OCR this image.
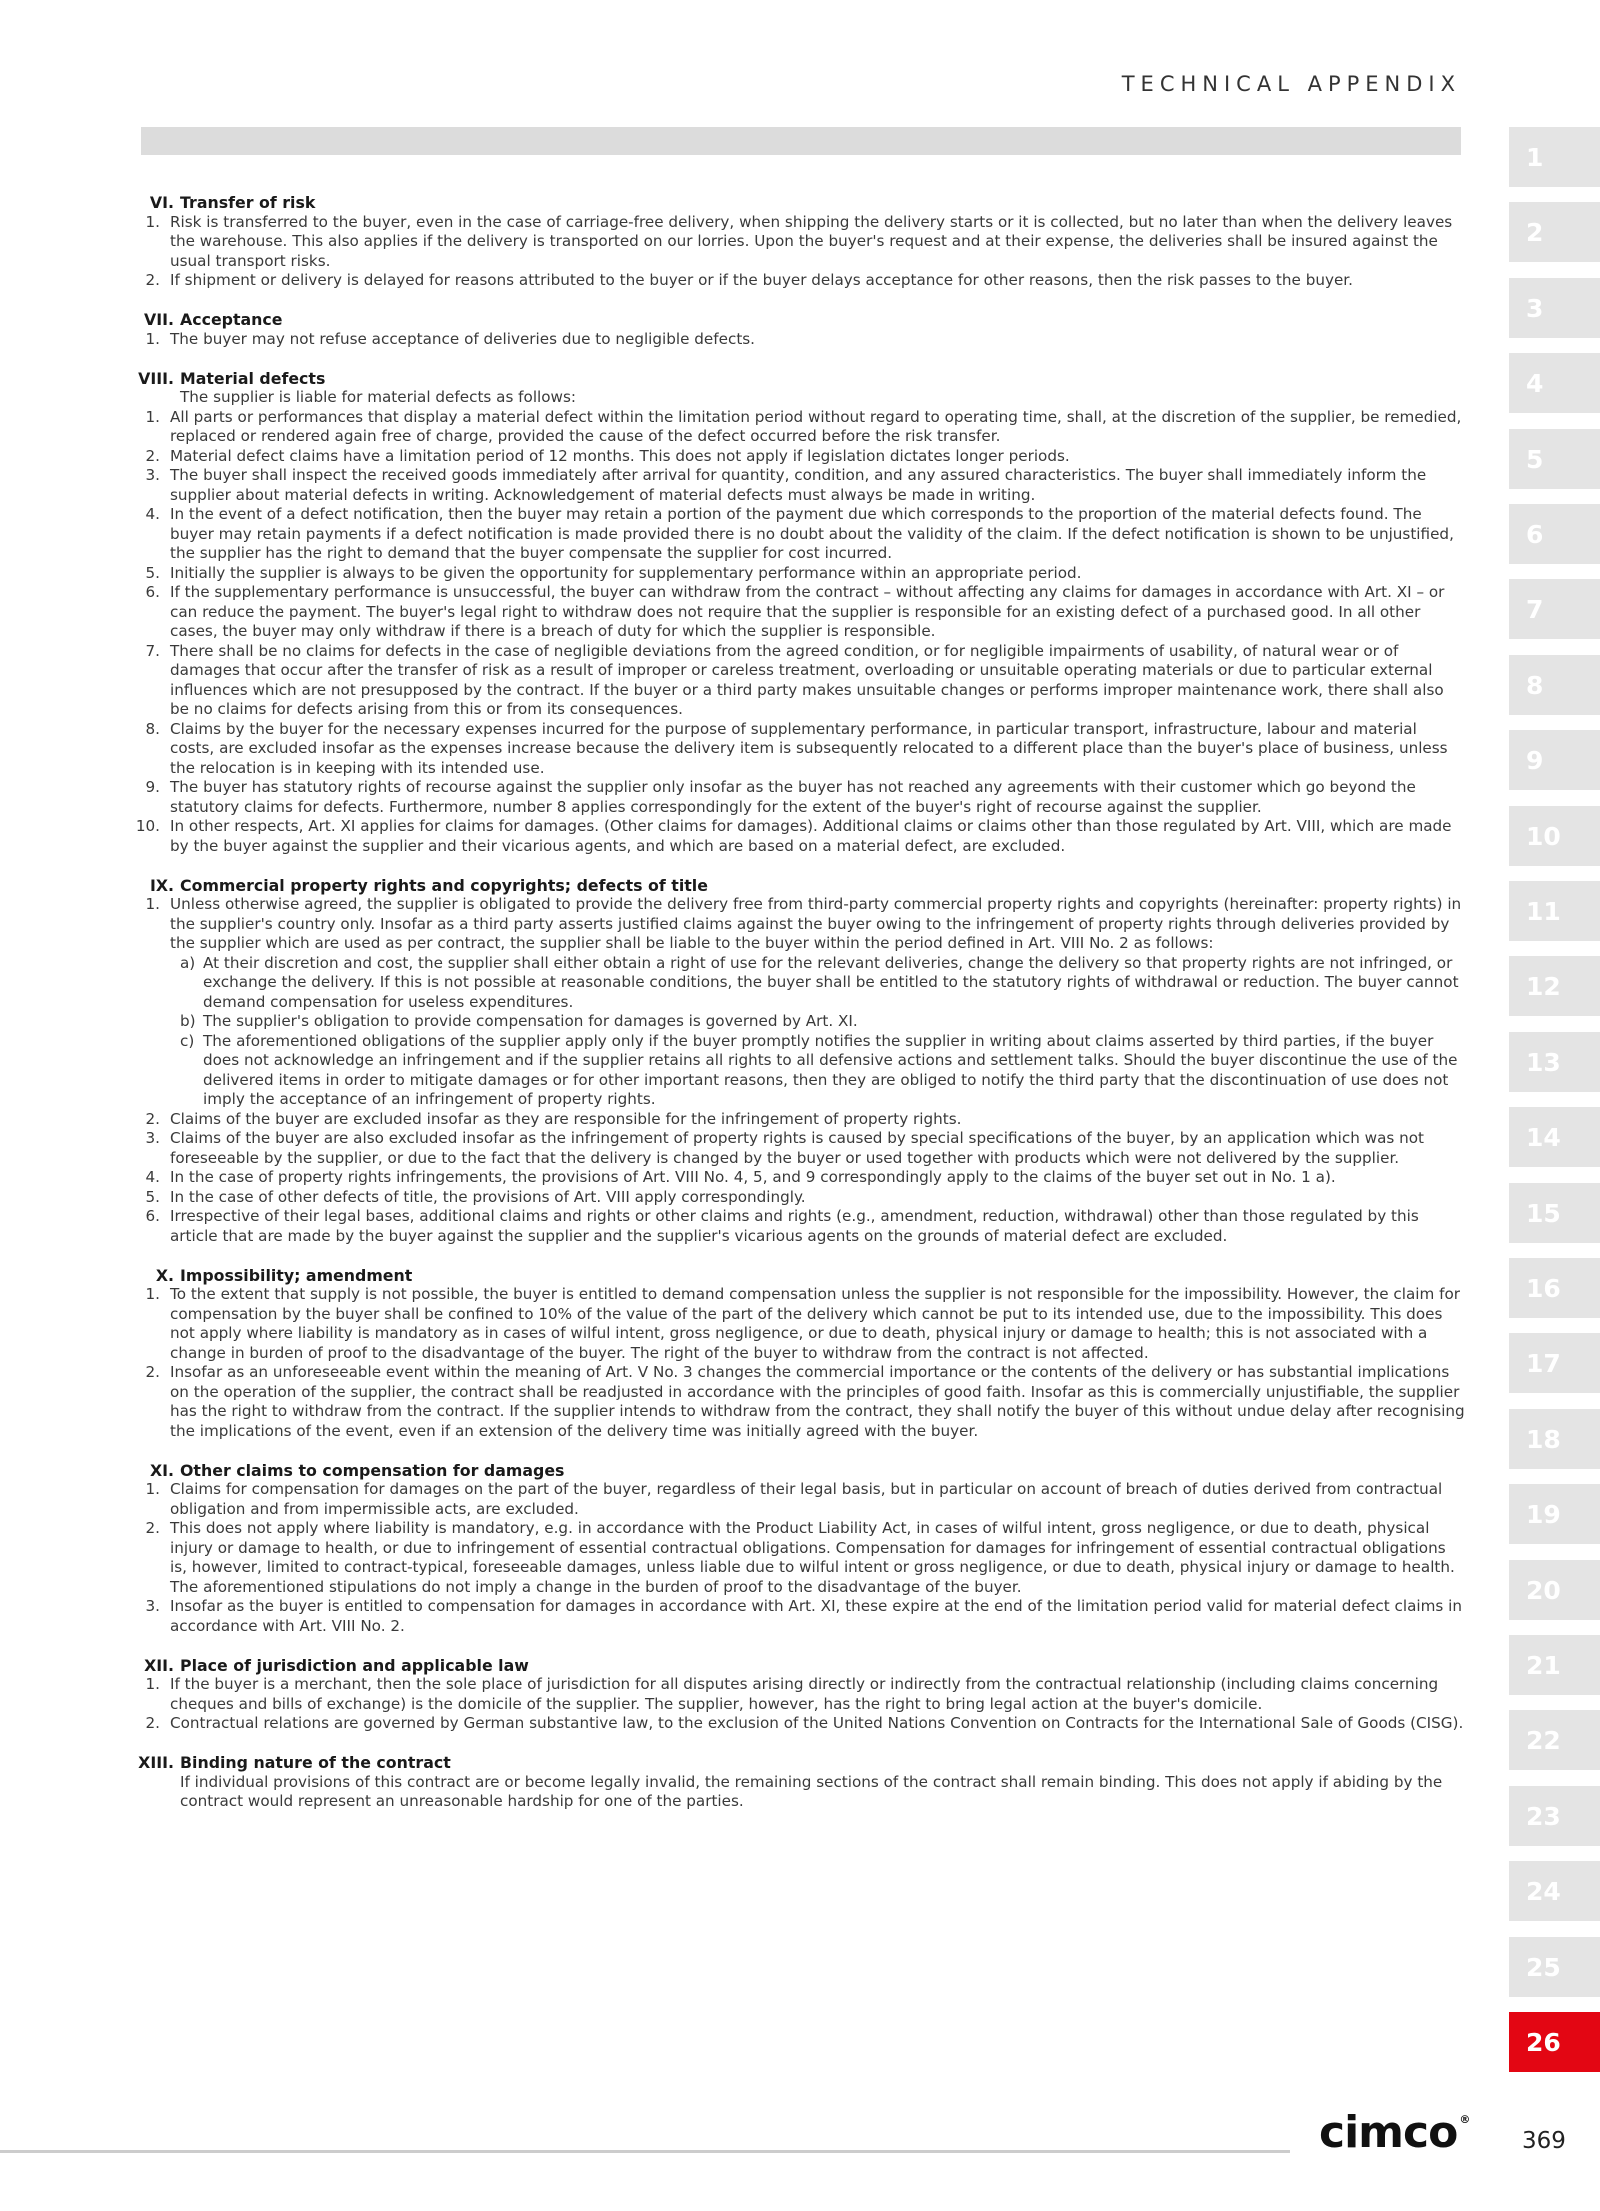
TECHNICAL APPENDIX
VI. Transfer of risk
1. Risk is transferred to the buyer, even in the case of carriage-free delivery, when shipping the delivery starts or it is collected, but no later than when the delivery leaves the warehouse. This also applies if the delivery is transported on our lorries. Upon the buyer's request and at their expense, the deliveries shall be insured against the usual transport risks.
2. If shipment or delivery is delayed for reasons attributed to the buyer or if the buyer delays acceptance for other reasons, then the risk passes to the buyer.
VII. Acceptance
1. The buyer may not refuse acceptance of deliveries due to negligible defects.
VIII. Material defects
The supplier is liable for material defects as follows:
1. All parts or performances that display a material defect within the limitation period without regard to operating time, shall, at the discretion of the supplier, be remedied, replaced or rendered again free of charge, provided the cause of the defect occurred before the risk transfer.
2. Material defect claims have a limitation period of 12 months. This does not apply if legislation dictates longer periods.
3. The buyer shall inspect the received goods immediately after arrival for quantity, condition, and any assured characteristics. The buyer shall immediately inform the supplier about material defects in writing. Acknowledgement of material defects must always be made in writing.
4. In the event of a defect notification, then the buyer may retain a portion of the payment due which corresponds to the proportion of the material defects found. The buyer may retain payments if a defect notification is made provided there is no doubt about the validity of the claim. If the defect notification is shown to be unjustified, the supplier has the right to demand that the buyer compensate the supplier for cost incurred.
5. Initially the supplier is always to be given the opportunity for supplementary performance within an appropriate period.
6. If the supplementary performance is unsuccessful, the buyer can withdraw from the contract – without affecting any claims for damages in accordance with Art. XI – or can reduce the payment. The buyer's legal right to withdraw does not require that the supplier is responsible for an existing defect of a purchased good. In all other cases, the buyer may only withdraw if there is a breach of duty for which the supplier is responsible.
7. There shall be no claims for defects in the case of negligible deviations from the agreed condition, or for negligible impairments of usability, of natural wear or of damages that occur after the transfer of risk as a result of improper or careless treatment, overloading or unsuitable operating materials or due to particular external influences which are not presupposed by the contract. If the buyer or a third party makes unsuitable changes or performs improper maintenance work, there shall also be no claims for defects arising from this or from its consequences.
8. Claims by the buyer for the necessary expenses incurred for the purpose of supplementary performance, in particular transport, infrastructure, labour and material costs, are excluded insofar as the expenses increase because the delivery item is subsequently relocated to a different place than the buyer's place of business, unless the relocation is in keeping with its intended use.
9. The buyer has statutory rights of recourse against the supplier only insofar as the buyer has not reached any agreements with their customer which go beyond the statutory claims for defects. Furthermore, number 8 applies correspondingly for the extent of the buyer's right of recourse against the supplier.
10. In other respects, Art. XI applies for claims for damages. (Other claims for damages). Additional claims or claims other than those regulated by Art. VIII, which are made by the buyer against the supplier and their vicarious agents, and which are based on a material defect, are excluded.
IX. Commercial property rights and copyrights; defects of title
1. Unless otherwise agreed, the supplier is obligated to provide the delivery free from third-party commercial property rights and copyrights (hereinafter: property rights) in the supplier's country only. Insofar as a third party asserts justified claims against the buyer owing to the infringement of property rights through deliveries provided by the supplier which are used as per contract, the supplier shall be liable to the buyer within the period defined in Art. VIII No. 2 as follows:
a) At their discretion and cost, the supplier shall either obtain a right of use for the relevant deliveries, change the delivery so that property rights are not infringed, or exchange the delivery. If this is not possible at reasonable conditions, the buyer shall be entitled to the statutory rights of withdrawal or reduction. The buyer cannot demand compensation for useless expenditures.
b) The supplier's obligation to provide compensation for damages is governed by Art. XI.
c) The aforementioned obligations of the supplier apply only if the buyer promptly notifies the supplier in writing about claims asserted by third parties, if the buyer does not acknowledge an infringement and if the supplier retains all rights to all defensive actions and settlement talks. Should the buyer discontinue the use of the delivered items in order to mitigate damages or for other important reasons, then they are obliged to notify the third party that the discontinuation of use does not imply the acceptance of an infringement of property rights.
2. Claims of the buyer are excluded insofar as they are responsible for the infringement of property rights.
3. Claims of the buyer are also excluded insofar as the infringement of property rights is caused by special specifications of the buyer, by an application which was not foreseeable by the supplier, or due to the fact that the delivery is changed by the buyer or used together with products which were not delivered by the supplier.
4. In the case of property rights infringements, the provisions of Art. VIII No. 4, 5, and 9 correspondingly apply to the claims of the buyer set out in No. 1 a).
5. In the case of other defects of title, the provisions of Art. VIII apply correspondingly.
6. Irrespective of their legal bases, additional claims and rights or other claims and rights (e.g., amendment, reduction, withdrawal) other than those regulated by this article that are made by the buyer against the supplier and the supplier's vicarious agents on the grounds of material defect are excluded.
X. Impossibility; amendment
1. To the extent that supply is not possible, the buyer is entitled to demand compensation unless the supplier is not responsible for the impossibility. However, the claim for compensation by the buyer shall be confined to 10% of the value of the part of the delivery which cannot be put to its intended use, due to the impossibility. This does not apply where liability is mandatory as in cases of wilful intent, gross negligence, or due to death, physical injury or damage to health; this is not associated with a change in burden of proof to the disadvantage of the buyer. The right of the buyer to withdraw from the contract is not affected.
2. Insofar as an unforeseeable event within the meaning of Art. V No. 3 changes the commercial importance or the contents of the delivery or has substantial implications on the operation of the supplier, the contract shall be readjusted in accordance with the principles of good faith. Insofar as this is commercially unjustifiable, the supplier has the right to withdraw from the contract. If the supplier intends to withdraw from the contract, they shall notify the buyer of this without undue delay after recognising the implications of the event, even if an extension of the delivery time was initially agreed with the buyer.
XI. Other claims to compensation for damages
1. Claims for compensation for damages on the part of the buyer, regardless of their legal basis, but in particular on account of breach of duties derived from contractual obligation and from impermissible acts, are excluded.
2. This does not apply where liability is mandatory, e.g. in accordance with the Product Liability Act, in cases of wilful intent, gross negligence, or due to death, physical injury or damage to health, or due to infringement of essential contractual obligations. Compensation for damages for infringement of essential contractual obligations is, however, limited to contract-typical, foreseeable damages, unless liable due to wilful intent or gross negligence, or due to death, physical injury or damage to health. The aforementioned stipulations do not imply a change in the burden of proof to the disadvantage of the buyer.
3. Insofar as the buyer is entitled to compensation for damages in accordance with Art. XI, these expire at the end of the limitation period valid for material defect claims in accordance with Art. VIII No. 2.
XII. Place of jurisdiction and applicable law
1. If the buyer is a merchant, then the sole place of jurisdiction for all disputes arising directly or indirectly from the contractual relationship (including claims concerning cheques and bills of exchange) is the domicile of the supplier. The supplier, however, has the right to bring legal action at the buyer's domicile.
2. Contractual relations are governed by German substantive law, to the exclusion of the United Nations Convention on Contracts for the International Sale of Goods (CISG).
XIII. Binding nature of the contract
If individual provisions of this contract are or become legally invalid, the remaining sections of the contract shall remain binding. This does not apply if abiding by the contract would represent an unreasonable hardship for one of the parties.
1
2
3
4
5
6
7
8
9
10
11
12
13
14
15
16
17
18
19
20
21
22
23
24
25
26
cimco ®
369
